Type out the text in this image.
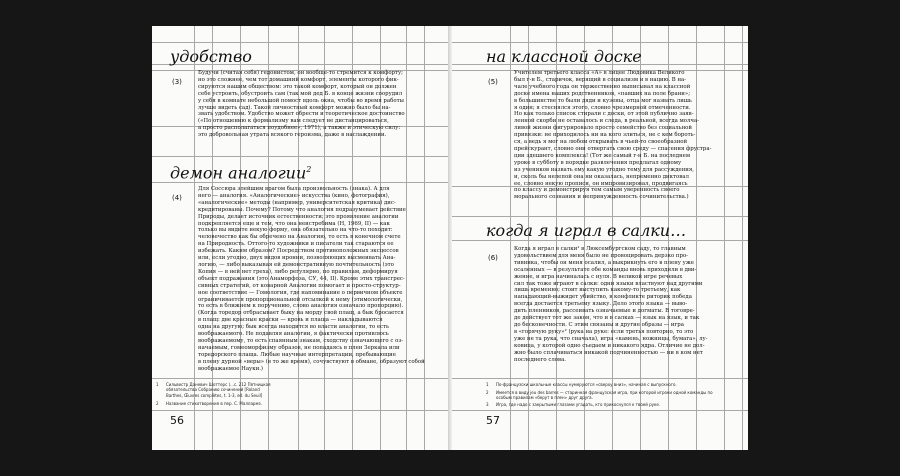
удобство
(3)
Будучи (считая себя) гедонистом, он вообще-то стремится к комфорту;
но это сложнее, чем тот домашний комфорт, элементы которого фик-
сируются нашим обществом: это такой комфорт, который он должен
себе устроить, обустроить сам (так мой дед Б. в конце жизни соорудил
у себя в комнате небольшой помост вдоль окна, чтобы во время работы
лучше видеть сад). Такой личностный комфорт можно было бы на-
звать удобством. Удобство может обрести и теоретическое достоинство
(«По отношению к формализму вам следует не дистанцироваться,
а просто располагаться поудобнее», 1971), а также и этическую силу:
это добровольная утрата всякого героизма, даже в наслаждении.
демон аналогии$^2$
(4)
Для Соссюра злейшим врагом была произвольность (знака). А для
него — аналогия. «Аналогические» искусства (кино, фотография),
«аналогические» методы (например, университетская критика) дис-
кредитированы. Почему? Потому что аналогия подразумевает действие
Природы, делает источник естественности; это проявление аналогии
подкрепляется еще и тем, что она неистребима (Н, 1969, II) — как
только вы видите некую форму, она обязательно на что-то походит:
человечество как бы обречено на Аналогию, то есть в конечном счете
на Природность. Оттого-то художники и писатели так стараются ее
избежать. Каким образом? Посредством противоположных эксцессов
или, если угодно, двух видов иронии, позволяющих высмеивать Ана-
логию, — либо выказывая ей демонстративную почтительность (это
Копия — в ней нет греха), либо регулярно, по правилам, деформируя
объект подражания (это Анаморфоза, СУ, 44, II). Кроме этих трансгрес-
сивных стратегий, от коварной Аналогии помогает и просто-структур-
ное соответствие — Гомология, где напоминание о первичном объекте
ограничивается пропорциональной отсылкой к нему (этимологически,
то есть в ближнем к поручению, слово аналогия означало пропорцию).
(Когда торедор отбрасывает быку на морду свой плащ, а бык бросается
в плащ: две красные краски — кровь и плаща — накладываются
одна на другую; бык всегда находится во власти аналогии, то есть
воображаемого. Не подавляя аналогии, я фактически противлюсь
воображаемому, то есть спаянным знакам, сходству означающего с оз-
начаемым, гомеоморфизму образов, не попадаясь в плен Зеркала или
торедорского плаща. Любые научные интерпретации, пребывающие
в плену дурной «веры» (в то же время), сочувствуют в обмане, образуют собой
воображаемое Науки.)
1 Сильвестр Даневич Шоттерс (...с. 212 Пятницкая обязательства Собранию сочинений [Roland Barthes, Œuvres complètes, t. 1-3, ed. du Seuil]
2 Название стихотворения в пер. С. Маллармэ.
56
на классной доске
(5)
Учителем третьего класса «А» в лицее Людовика Великого
был г-н Б., старичок, верящий в социализм и в нацию. В на-
чале учебного года он торжественно выписывал на классной
доске имена наших родственников, «павших на поле брани»;
в большинстве то были дяди и кузены, отца мог назвать лишь
я один; я стеснялся этого, словно чрезмерной отмеченности.
Но как только список стирали с доски, от этой публично заяв-
ленной скорби не оставалось и следа, в реальной, всегда молча-
ливой жизни фигурировало просто семейство без социальной
привязки: не приходилось ни на кого злиться, не с кем бороть-
ся, а ведь я мог на любом открывать в чьей-то своеобразной
прейскурант, словно они отвергать свою среду — спасения фрустра-
ции здешнего комплекса! (Тот же самый г-н Б. на последнем
уроке в субботу в порядке развлечения предлагал одному
из учеников назвать ему какую угодно тему для рассуждения,
и, сколь бы нелепой она ни оказалась, непременно диктовал
ее, словно некую прописи, он импровизировал, продвигаясь
по классу и демонстрируя тем самым уверенность своего
морального сознания и непринужденность сочинительства.)
когда я играл в салки…
(6)
Когда я играл в салки¹ в Люксембургском саду, то главным
удовольствием для меня было не провоцировать дерзко про-
тивника, чтобы он меня осалил, а выкрикнуть его в плену уже
осаленных — в результате обе команды вновь приходили в дви-
жение, и игра начиналась с нуля. В великой игре речевых
сил так тоже играют в салки: одни языки властвуют над другими
лишь временно; стоит выступить какому-то третьему, как
нападающий-выжидет убийство, в конфликте риторик победа
всегда достается третьему языку. Дело этого языка — выво-
дить пленников, рассеивать означаемые и догматы. В тоговре-
де действует тот же закон, что и в салках — язык на язык, и так
до бесконечности. С этим связаны и другие образы — игра
в «горячую руку»² (рука на руке: если третья повторно, то это
уже не та рука, что сначала), игра «камень, ножницы, бумага», лу-
ковица, у которой одно съедаем и никакого ядра. Отличие не дол-
жно было сплачиваться никакой подчиненностью — ни в ком нет
последнего слова.
1 По-французски школьные классы нумеруются «сверху вниз», начиная с выпускного.
2 Имеется в виду jeu des barres — старинная французская игра, при которой игроки одной команды по особым правилам «берут в плен» друг друга.
3 Игра, где надо с закрытыми глазами угадать, кто прикоснулся к твоей руке.
57
